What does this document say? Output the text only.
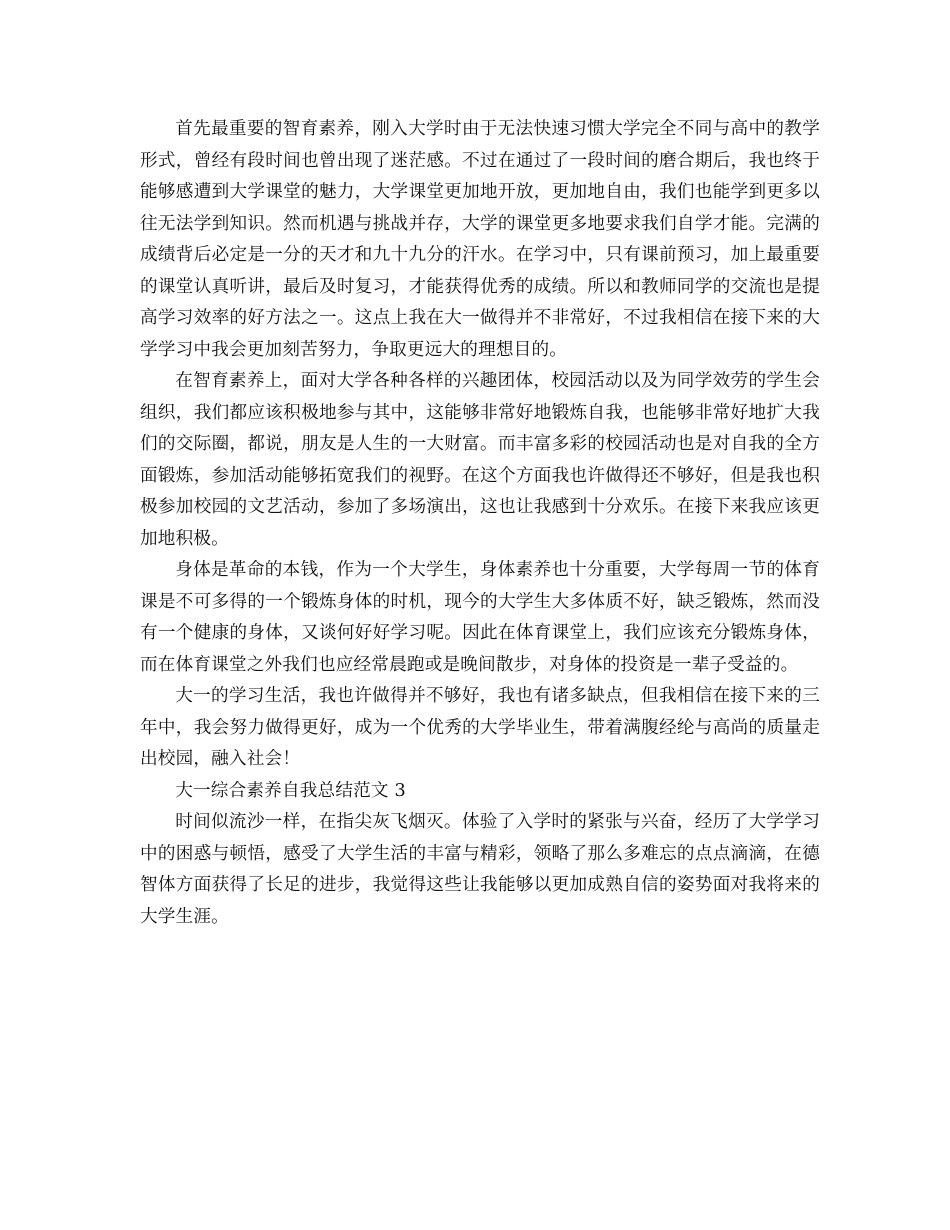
首先最重要的智育素养，刚入大学时由于无法快速习惯大学完全不同与高中的教学形式，曾经有段时间也曾出现了迷茫感。不过在通过了一段时间的磨合期后，我也终于能够感遭到大学课堂的魅力，大学课堂更加地开放，更加地自由，我们也能学到更多以往无法学到知识。然而机遇与挑战并存，大学的课堂更多地要求我们自学才能。完满的成绩背后必定是一分的天才和九十九分的汗水。在学习中，只有课前预习，加上最重要的课堂认真听讲，最后及时复习，才能获得优秀的成绩。所以和教师同学的交流也是提高学习效率的好方法之一。这点上我在大一做得并不非常好，不过我相信在接下来的大学学习中我会更加刻苦努力，争取更远大的理想目的。

在智育素养上，面对大学各种各样的兴趣团体，校园活动以及为同学效劳的学生会组织，我们都应该积极地参与其中，这能够非常好地锻炼自我，也能够非常好地扩大我们的交际圈，都说，朋友是人生的一大财富。而丰富多彩的校园活动也是对自我的全方面锻炼，参加活动能够拓宽我们的视野。在这个方面我也许做得还不够好，但是我也积极参加校园的文艺活动，参加了多场演出，这也让我感到十分欢乐。在接下来我应该更加地积极。

身体是革命的本钱，作为一个大学生，身体素养也十分重要，大学每周一节的体育课是不可多得的一个锻炼身体的时机，现今的大学生大多体质不好，缺乏锻炼，然而没有一个健康的身体，又谈何好好学习呢。因此在体育课堂上，我们应该充分锻炼身体，而在体育课堂之外我们也应经常晨跑或是晚间散步，对身体的投资是一辈子受益的。

大一的学习生活，我也许做得并不够好，我也有诸多缺点，但我相信在接下来的三年中，我会努力做得更好，成为一个优秀的大学毕业生，带着满腹经纶与高尚的质量走出校园，融入社会！

大一综合素养自我总结范文 3

时间似流沙一样，在指尖灰飞烟灭。体验了入学时的紧张与兴奋，经历了大学学习中的困惑与顿悟，感受了大学生活的丰富与精彩，领略了那么多难忘的点点滴滴，在德智体方面获得了长足的进步，我觉得这些让我能够以更加成熟自信的姿势面对我将来的大学生涯。
